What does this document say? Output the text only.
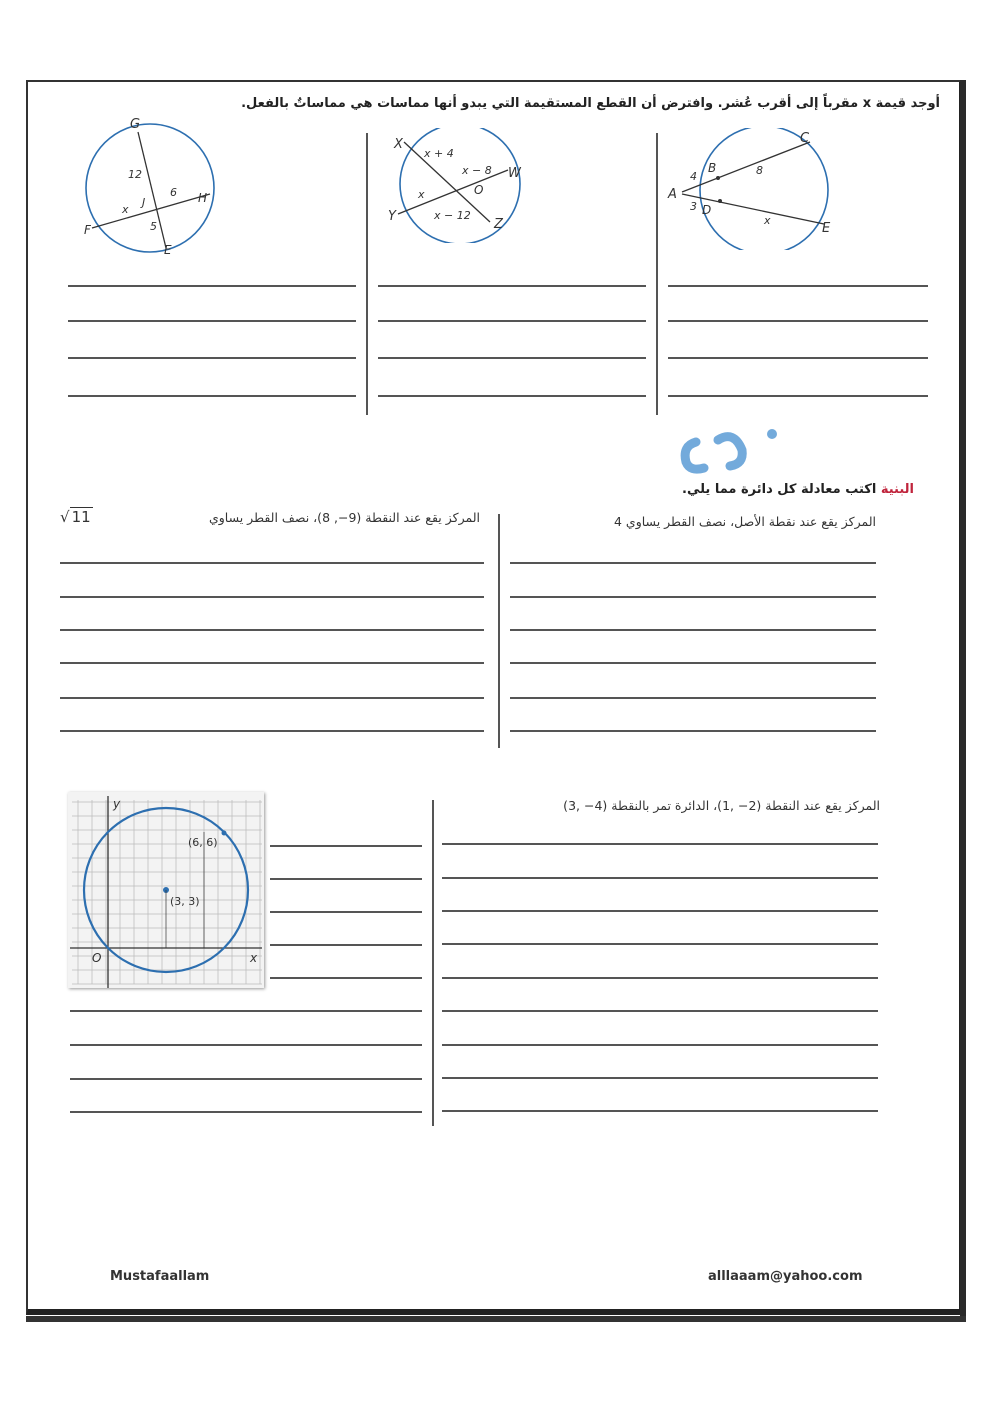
أوجد قيمة x مقرباً إلى أقرب عُشر. وافترض أن القطع المستقيمة التي يبدو أنها مماسات هي مماساتٌ بالفعل.
G
12
6 H
x
J
5
F
E
X
x + 4
x − 8 W
x	O
Y	x − 12
Z
C
B
4	8
A
3 D
x
E
البنية اكتب معادلة كل دائرة مما يلي.
المركز يقع عند نقطة الأصل، نصف القطر يساوي 4
المركز يقع عند النقطة (9−, 8)، نصف القطر يساوي
√ 11
y
x
O
(6, 6)
(3, 3)
المركز يقع عند النقطة (2− ,1)، الدائرة تمر بالنقطة (4− ,3)
Mustafaallam	alllaaam@yahoo.com
